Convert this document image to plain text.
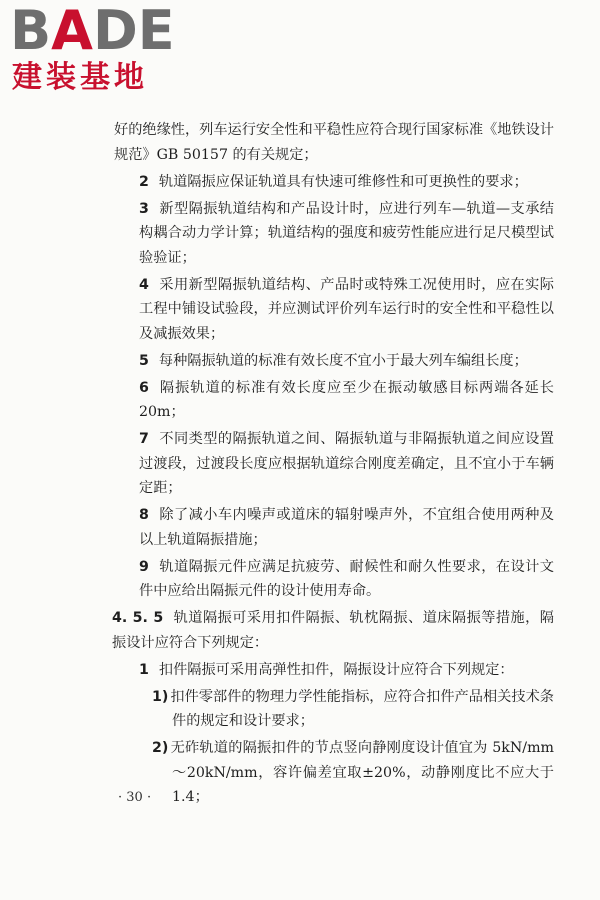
BADE
建装基地

好的绝缘性，列车运行安全性和平稳性应符合现行国家标准《地铁设计规范》GB 50157 的有关规定；

2 轨道隔振应保证轨道具有快速可维修性和可更换性的要求；

3 新型隔振轨道结构和产品设计时，应进行列车—轨道—支承结构耦合动力学计算；轨道结构的强度和疲劳性能应进行足尺模型试验验证；

4 采用新型隔振轨道结构、产品时或特殊工况使用时，应在实际工程中铺设试验段，并应测试评价列车运行时的安全性和平稳性以及减振效果；

5 每种隔振轨道的标准有效长度不宜小于最大列车编组长度；

6 隔振轨道的标准有效长度应至少在振动敏感目标两端各延长 20m；

7 不同类型的隔振轨道之间、隔振轨道与非隔振轨道之间应设置过渡段，过渡段长度应根据轨道综合刚度差确定，且不宜小于车辆定距；

8 除了减小车内噪声或道床的辐射噪声外，不宜组合使用两种及以上轨道隔振措施；

9 轨道隔振元件应满足抗疲劳、耐候性和耐久性要求，在设计文件中应给出隔振元件的设计使用寿命。

4. 5. 5 轨道隔振可采用扣件隔振、轨枕隔振、道床隔振等措施，隔振设计应符合下列规定：

1 扣件隔振可采用高弹性扣件，隔振设计应符合下列规定：

1) 扣件零部件的物理力学性能指标，应符合扣件产品相关技术条件的规定和设计要求；

2) 无砟轨道的隔振扣件的节点竖向静刚度设计值宜为 5kN/mm～20kN/mm，容许偏差宜取±20%，动静刚度比不应大于 1.4；

· 30 ·
